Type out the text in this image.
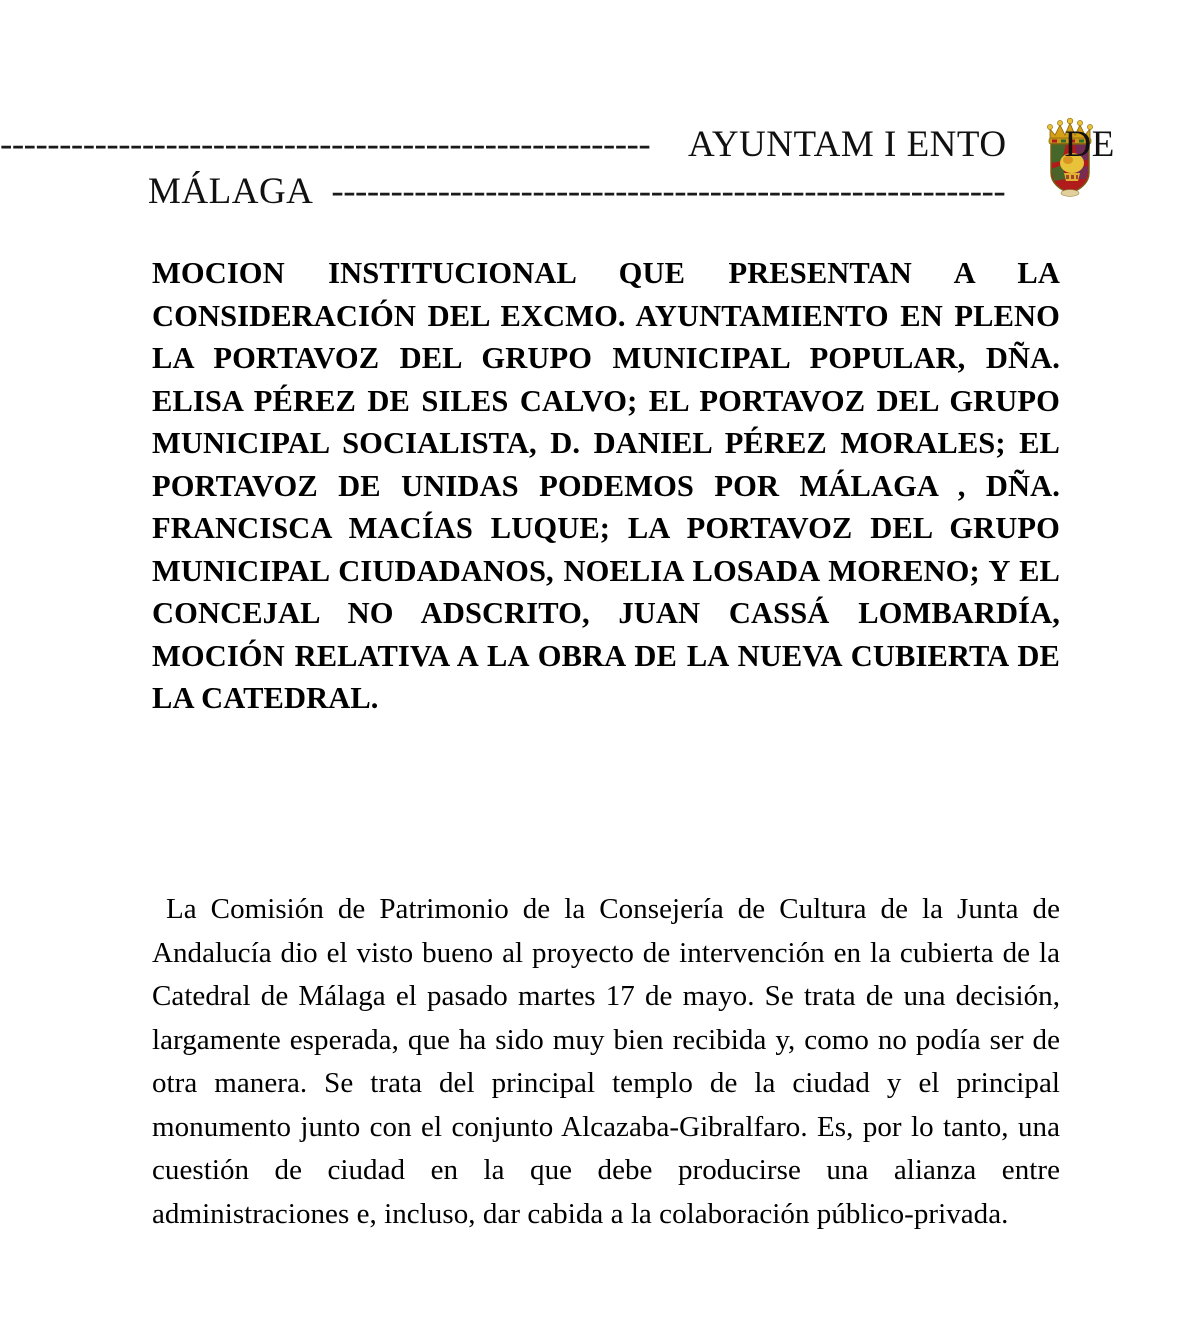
-------------------------------------------------------	AYUNTAM I ENTO DE
MÁLAGA ---------------------------------------------------------

MOCION INSTITUCIONAL QUE PRESENTAN A LA CONSIDERACIÓN DEL EXCMO. AYUNTAMIENTO EN PLENO LA PORTAVOZ DEL GRUPO MUNICIPAL POPULAR, DÑA. ELISA PÉREZ DE SILES CALVO; EL PORTAVOZ DEL GRUPO MUNICIPAL SOCIALISTA, D. DANIEL PÉREZ MORALES; EL PORTAVOZ DE UNIDAS PODEMOS POR MÁLAGA , DÑA. FRANCISCA MACÍAS LUQUE; LA PORTAVOZ DEL GRUPO MUNICIPAL CIUDADANOS, NOELIA LOSADA MORENO; Y EL CONCEJAL NO ADSCRITO, JUAN CASSÁ LOMBARDÍA, MOCIÓN RELATIVA A LA OBRA DE LA NUEVA CUBIERTA DE LA CATEDRAL.

La Comisión de Patrimonio de la Consejería de Cultura de la Junta de Andalucía dio el visto bueno al proyecto de intervención en la cubierta de la Catedral de Málaga el pasado martes 17 de mayo. Se trata de una decisión, largamente esperada, que ha sido muy bien recibida y, como no podía ser de otra manera. Se trata del principal templo de la ciudad y el principal monumento junto con el conjunto Alcazaba-Gibralfaro. Es, por lo tanto, una cuestión de ciudad en la que debe producirse una alianza entre administraciones e, incluso, dar cabida a la colaboración público-privada.
